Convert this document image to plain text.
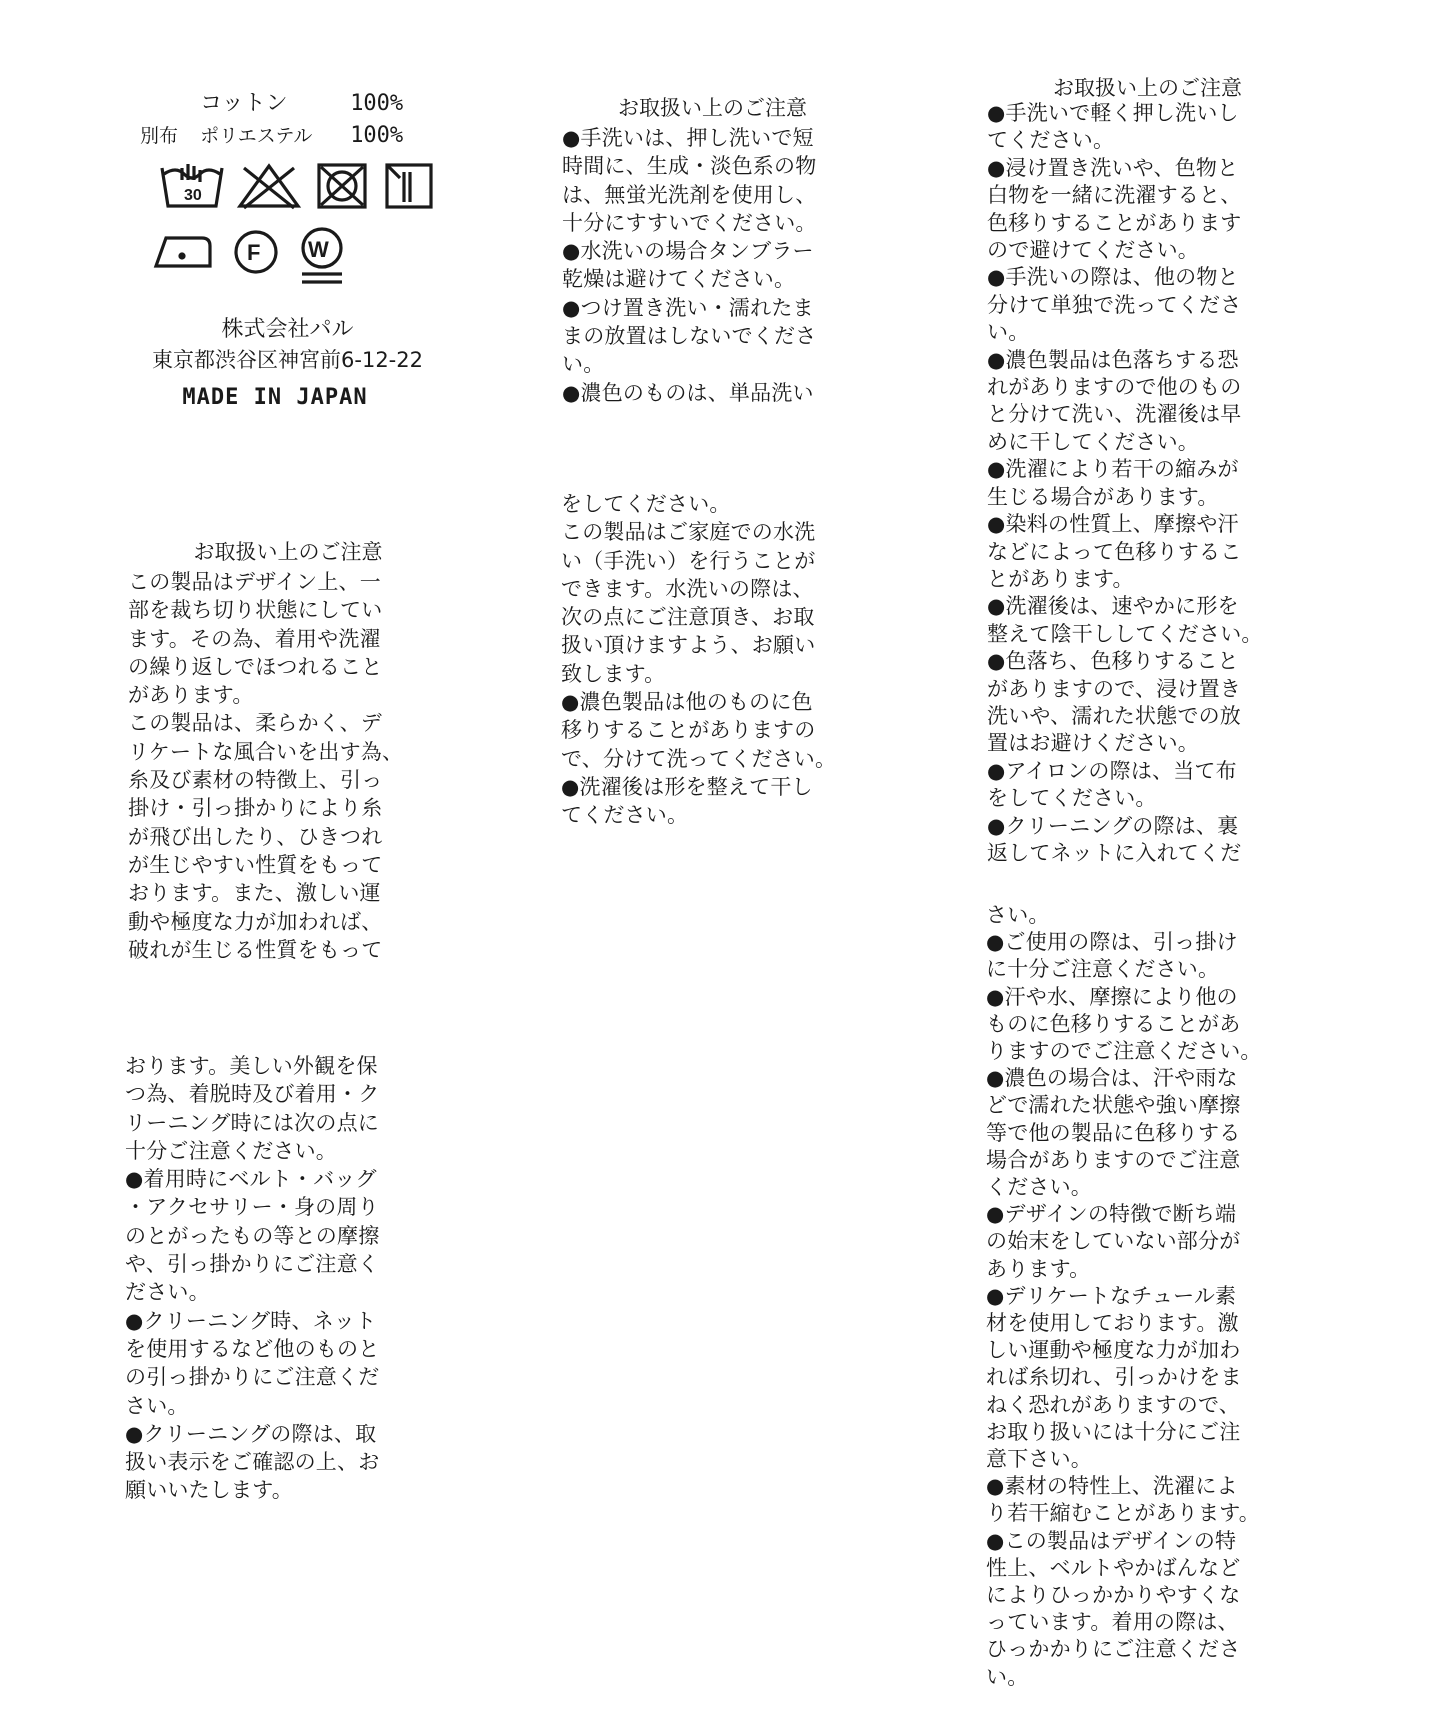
コットン	100%
別布 ポリエステル 100%
30
F W
株式会社パル
東京都渋谷区神宮前6-12-22
MADE IN JAPAN
お取扱い上のご注意
この製品はデザイン上、一
部を裁ち切り状態にしてい
ます。その為、着用や洗濯
の繰り返しでほつれること
があります。
この製品は、柔らかく、デ
リケートな風合いを出す為、
糸及び素材の特徴上、引っ
掛け・引っ掛かりにより糸
が飛び出したり、ひきつれ
が生じやすい性質をもって
おります。また、激しい運
動や極度な力が加われば、
破れが生じる性質をもって
おります。美しい外観を保
つ為、着脱時及び着用・ク
リーニング時には次の点に
十分ご注意ください。
●着用時にベルト・バッグ
・アクセサリー・身の周り
のとがったもの等との摩擦
や、引っ掛かりにご注意く
ださい。
●クリーニング時、ネット
を使用するなど他のものと
の引っ掛かりにご注意くだ
さい。
●クリーニングの際は、取
扱い表示をご確認の上、お
願いいたします。
お取扱い上のご注意
●手洗いは、押し洗いで短
時間に、生成・淡色系の物
は、無蛍光洗剤を使用し、
十分にすすいでください。
●水洗いの場合タンブラー
乾燥は避けてください。
●つけ置き洗い・濡れたま
まの放置はしないでくださ
い。
●濃色のものは、単品洗い
をしてください。
この製品はご家庭での水洗
い（手洗い）を行うことが
できます。水洗いの際は、
次の点にご注意頂き、お取
扱い頂けますよう、お願い
致します。
●濃色製品は他のものに色
移りすることがありますの
で、分けて洗ってください。
●洗濯後は形を整えて干し
てください。
お取扱い上のご注意
●手洗いで軽く押し洗いし
てください。
●浸け置き洗いや、色物と
白物を一緒に洗濯すると、
色移りすることがあります
ので避けてください。
●手洗いの際は、他の物と
分けて単独で洗ってくださ
い。
●濃色製品は色落ちする恐
れがありますので他のもの
と分けて洗い、洗濯後は早
めに干してください。
●洗濯により若干の縮みが
生じる場合があります。
●染料の性質上、摩擦や汗
などによって色移りするこ
とがあります。
●洗濯後は、速やかに形を
整えて陰干ししてください。
●色落ち、色移りすること
がありますので、浸け置き
洗いや、濡れた状態での放
置はお避けください。
●アイロンの際は、当て布
をしてください。
●クリーニングの際は、裏
返してネットに入れてくだ
さい。
●ご使用の際は、引っ掛け
に十分ご注意ください。
●汗や水、摩擦により他の
ものに色移りすることがあ
りますのでご注意ください。
●濃色の場合は、汗や雨な
どで濡れた状態や強い摩擦
等で他の製品に色移りする
場合がありますのでご注意
ください。
●デザインの特徴で断ち端
の始末をしていない部分が
あります。
●デリケートなチュール素
材を使用しております。激
しい運動や極度な力が加わ
れば糸切れ、引っかけをま
ねく恐れがありますので、
お取り扱いには十分にご注
意下さい。
●素材の特性上、洗濯によ
り若干縮むことがあります。
●この製品はデザインの特
性上、ベルトやかばんなど
によりひっかかりやすくな
っています。着用の際は、
ひっかかりにご注意くださ
い。
